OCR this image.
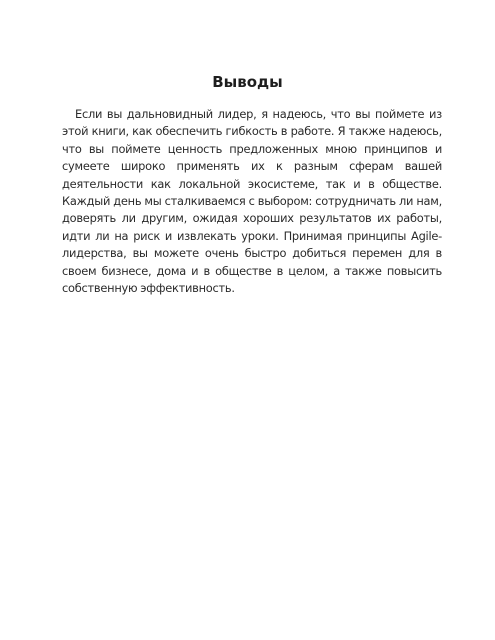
Выводы

Если вы дальновидный лидер, я надеюсь, что вы поймете из этой книги, как обеспечить гибкость в работе. Я также надеюсь, что вы поймете ценность предложенных мною принципов и сумеете широко применять их к разным сферам вашей деятельности как локальной экосистеме, так и в обществе. Каждый день мы сталкиваемся с выбором: сотрудничать ли нам, доверять ли другим, ожидая хороших результатов их работы, идти ли на риск и извлекать уроки. Принимая принципы Agile-лидерства, вы можете очень быстро добиться перемен для в своем бизнесе, дома и в обществе в целом, а также повысить собственную эффективность.
